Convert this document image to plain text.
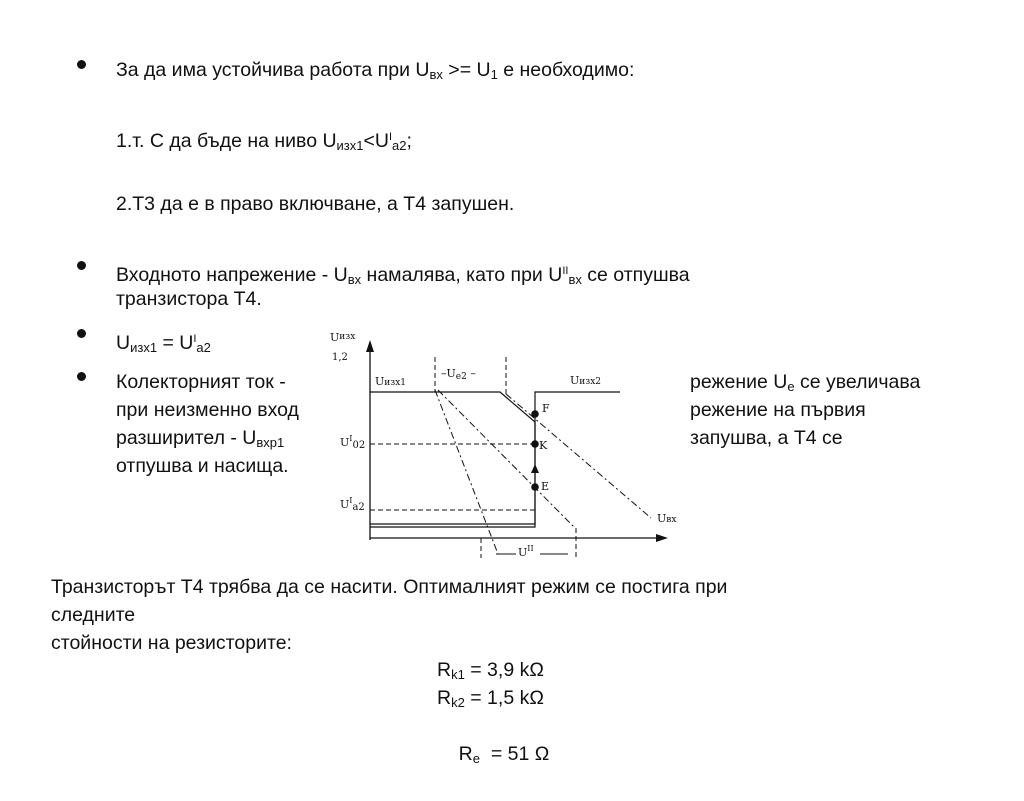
За да има устойчива работа при $U_{вх} >= U_1$ е необходимо:
1.т. С да бъде на ниво $U_{изх1}<U^I_{а2}$;
2.Т3 да е в право включване, а Т4 запушен.
Входното напрежение - $U_{вх}$ намалява, като при $U^{II}_{вх}$ се отпушва
транзистора Т4.
$U_{изх1} = U^I_{а2}$
Колекторният ток -
при неизменно вход
разширител - $U_{вхр1}$
отпушва и насища.
режение $U_е$ се увеличава
режение на първия
запушва, а Т4 се
Uизх
1,2
–Ue2 –
Uизх1	Uизх2
$U^I02$
$U^Ia2$
F
K
E
Uвх
$U^{II}$
Транзисторът Т4 трябва да се насити. Оптималният режим се постига при
следните
стойности на резисторите:
$R_{k1} = 3,9$ kΩ
$R_{k2} = 1,5$ kΩ

$R_e = 51$ Ω
